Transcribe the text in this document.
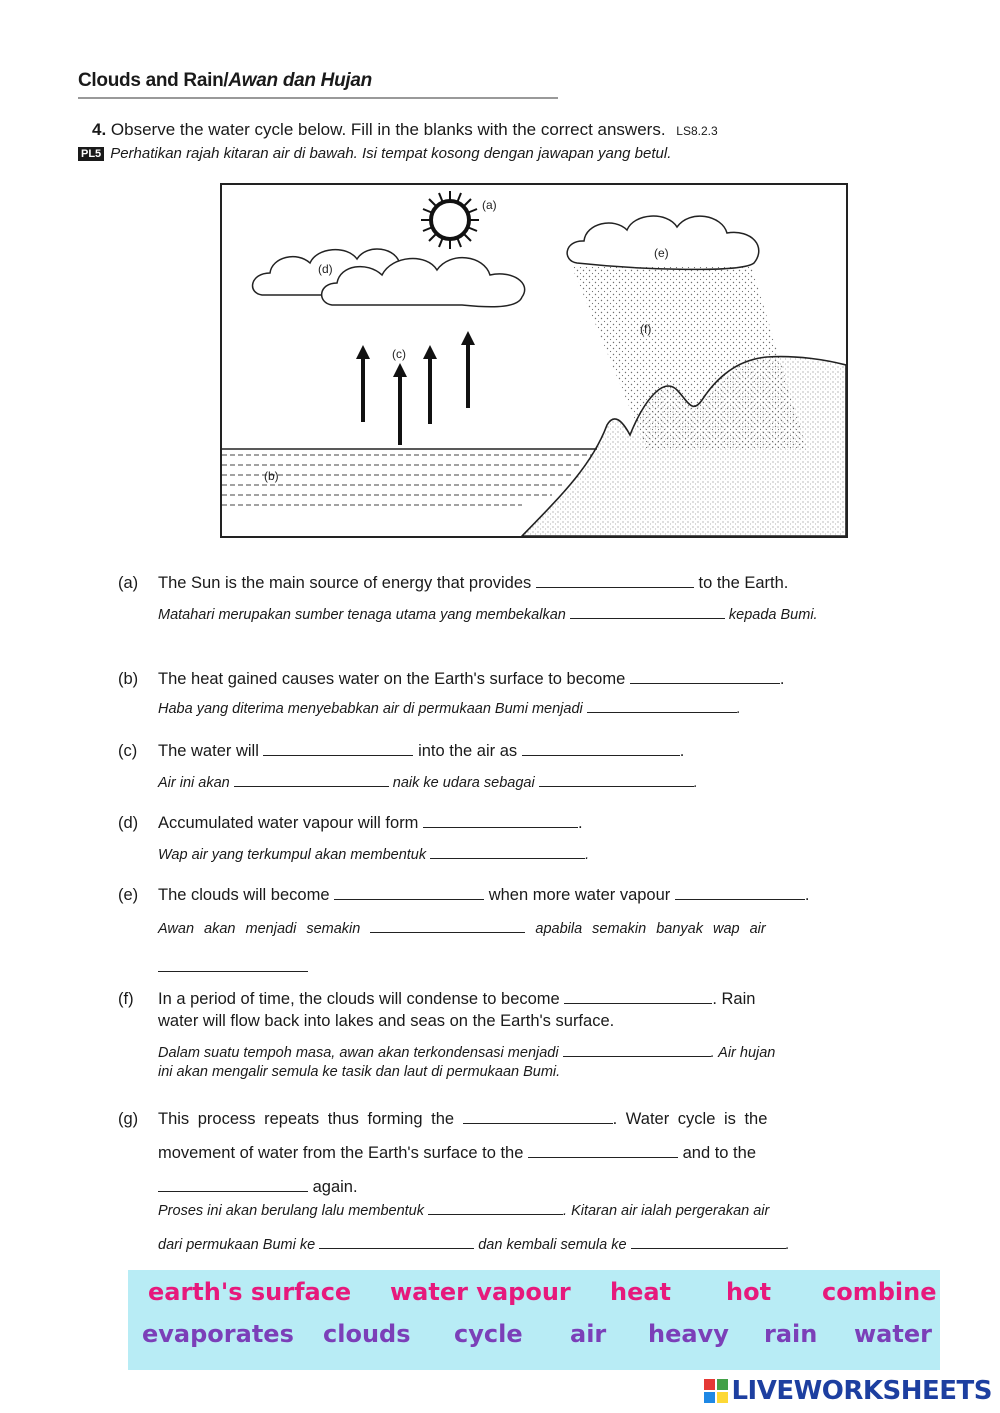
Clouds and Rain/Awan dan Hujan
4. Observe the water cycle below. Fill in the blanks with the correct answers. LS8.2.3
PL5 Perhatikan rajah kitaran air di bawah. Isi tempat kosong dengan jawapan yang betul.
(a)
(d)
(e)
(f)
(b)
(c)
(a) The Sun is the main source of energy that provides	to the Earth.
Matahari merupakan sumber tenaga utama yang membekalkan	kepada Bumi.
(b) The heat gained causes water on the Earth's surface to become	.
Haba yang diterima menyebabkan air di permukaan Bumi menjadi	.
(c) The water will	into the air as	.
Air ini akan	naik ke udara sebagai	.
(d) Accumulated water vapour will form	.
Wap air yang terkumpul akan membentuk	.
(e) The clouds will become	when more water vapour	.
Awan akan menjadi semakin	apabila semakin banyak wap air
(f) In a period of time, the clouds will condense to become	. Rain
water will flow back into lakes and seas on the Earth's surface.
Dalam suatu tempoh masa, awan akan terkondensasi menjadi	. Air hujan
ini akan mengalir semula ke tasik dan laut di permukaan Bumi.
(g) This process repeats thus forming the	. Water cycle is the
movement of water from the Earth's surface to the	and to the
again.
Proses ini akan berulang lalu membentuk	. Kitaran air ialah pergerakan air
dari permukaan Bumi ke	dan kembali semula ke	.
earth's surface water vapour heat hot combine
evaporates clouds cycle air heavy rain water
LIVEWORKSHEETS
